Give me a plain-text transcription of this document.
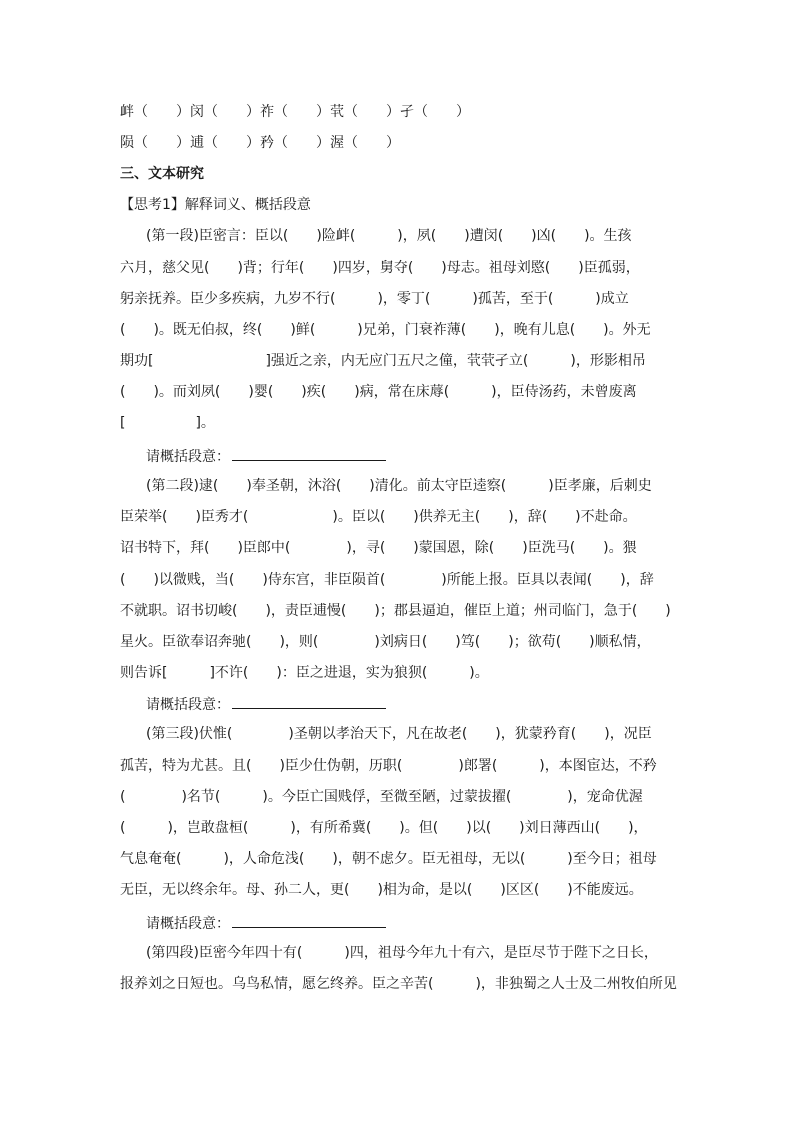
衅（　　）闵（　　）祚（　　）茕（　　）孑（　　）
陨（　　）逋（　　）矜（　　）渥（　　）
三、文本研究
【思考1】解释词义、概括段意
(第一段)臣密言：臣以(　　)险衅(　　　)，夙(　　)遭闵(　　)凶(　　)。生孩
六月，慈父见(　　)背；行年(　　)四岁，舅夺(　　)母志。祖母刘愍(　　)臣孤弱，
躬亲抚养。臣少多疾病，九岁不行(　　　)，零丁(　　　)孤苦，至于(　　　)成立
(　　)。既无伯叔，终(　　)鲜(　　　)兄弟，门衰祚薄(　　)，晚有儿息(　　)。外无
期功[　　　　　　　　]强近之亲，内无应门五尺之僮，茕茕孑立(　　　)，形影相吊
(　　)。而刘夙(　　)婴(　　)疾(　　)病，常在床蓐(　　　)，臣侍汤药，未曾废离
[　　　　　]。
请概括段意：
(第二段)逮(　　)奉圣朝，沐浴(　　)清化。前太守臣逵察(　　　)臣孝廉，后刺史
臣荣举(　　)臣秀才(　　　　　　)。臣以(　　)供养无主(　　)，辞(　　)不赴命。
诏书特下，拜(　　)臣郎中(　　　　)，寻(　　)蒙国恩，除(　　)臣洗马(　　)。猥
(　　)以微贱，当(　　)侍东宫，非臣陨首(　　　　)所能上报。臣具以表闻(　　)，辞
不就职。诏书切峻(　　)，责臣逋慢(　　)；郡县逼迫，催臣上道；州司临门，急于(　　)
星火。臣欲奉诏奔驰(　　)，则(　　　　)刘病日(　　)笃(　　)；欲苟(　　)顺私情，
则告诉[　　　]不许(　　)：臣之进退，实为狼狈(　　　)。
请概括段意：
(第三段)伏惟(　　　　)圣朝以孝治天下，凡在故老(　　)，犹蒙矜育(　　)，况臣
孤苦，特为尤甚。且(　　)臣少仕伪朝，历职(　　　　)郎署(　　　)，本图宦达，不矜
(　　　　)名节(　　　)。今臣亡国贱俘，至微至陋，过蒙拔擢(　　　　)，宠命优渥
(　　　)，岂敢盘桓(　　　)，有所希冀(　　)。但(　　)以(　　)刘日薄西山(　　)，
气息奄奄(　　　)，人命危浅(　　)，朝不虑夕。臣无祖母，无以(　　　)至今日；祖母
无臣，无以终余年。母、孙二人，更(　　)相为命，是以(　　)区区(　　)不能废远。
请概括段意：
(第四段)臣密今年四十有(　　　)四，祖母今年九十有六，是臣尽节于陛下之日长，
报养刘之日短也。乌鸟私情，愿乞终养。臣之辛苦(　　　)，非独蜀之人士及二州牧伯所见
